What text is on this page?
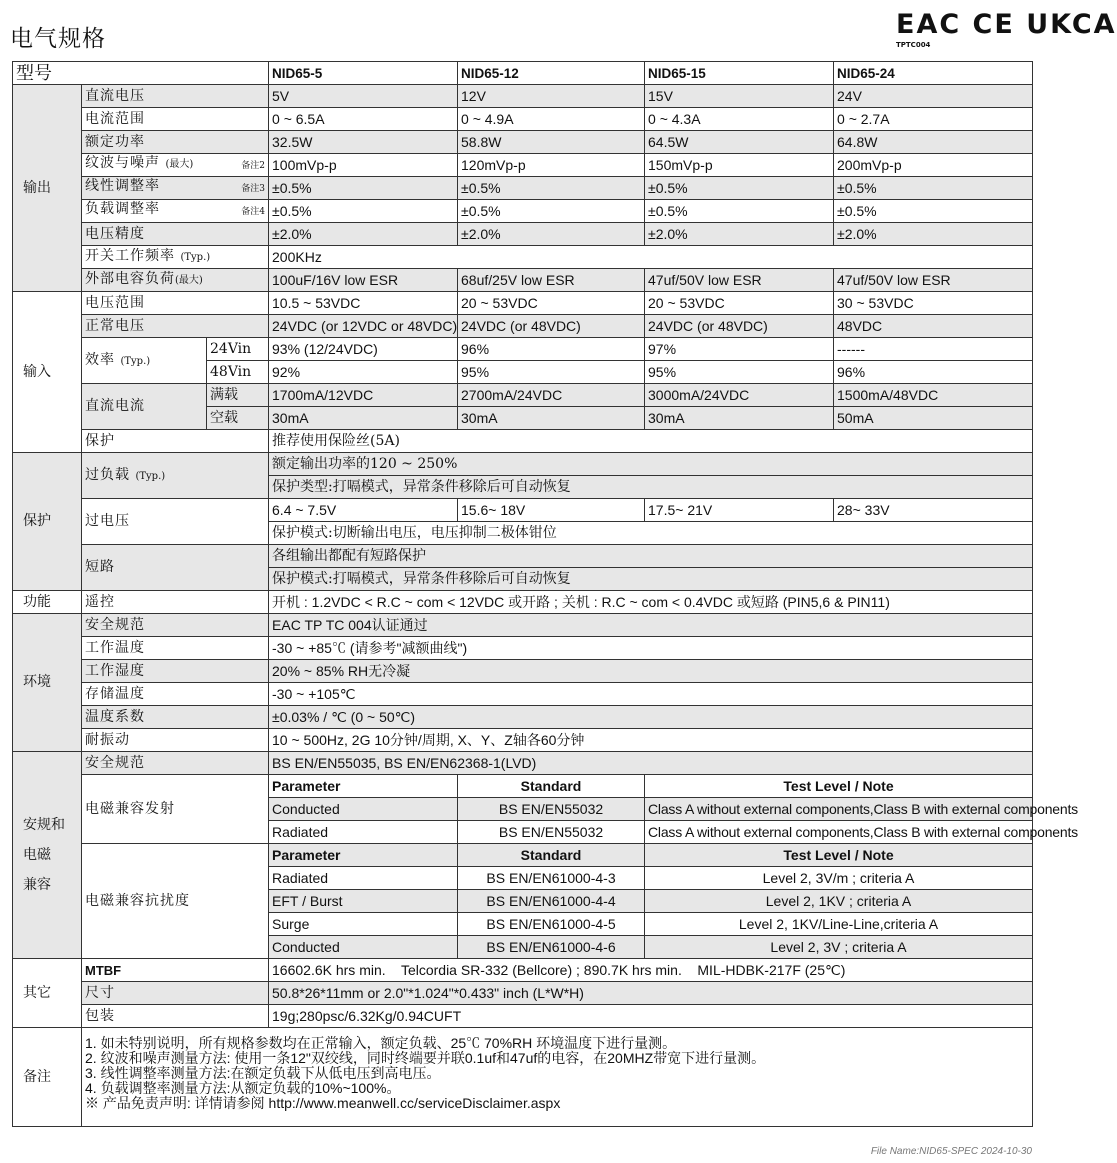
电气规格	EAC CE UKCA
TPTC004
型号			NID65-5	NID65-12	NID65-15	NID65-24
输出	直流电压		5V	12V	15V	24V
	电流范围		0 ~ 6.5A	0 ~ 4.9A	0 ~ 4.3A	0 ~ 2.7A
	额定功率		32.5W	58.8W	64.5W	64.8W
	纹波与噪声 (最大) 备注2		100mVp-p	120mVp-p	150mVp-p	200mVp-p
	线性调整率 备注3		±0.5%	±0.5%	±0.5%	±0.5%
	负载调整率 备注4		±0.5%	±0.5%	±0.5%	±0.5%
	电压精度		±2.0%	±2.0%	±2.0%	±2.0%
	开关工作频率 (Typ.)		200KHz			
	外部电容负荷(最大)		100uF/16V low ESR	68uf/25V low ESR	47uf/50V low ESR	47uf/50V low ESR
输入	电压范围		10.5 ~ 53VDC	20 ~ 53VDC	20 ~ 53VDC	30 ~ 53VDC
	正常电压		24VDC (or 12VDC or 48VDC)	24VDC (or 48VDC)	24VDC (or 48VDC)	48VDC
	效率 (Typ.)	24Vin	93% (12/24VDC)	96%	97%	------
		48Vin	92%	95%	95%	96%
	直流电流	满载	1700mA/12VDC	2700mA/24VDC	3000mA/24VDC	1500mA/48VDC
		空载	30mA	30mA	30mA	50mA
	保护		推荐使用保险丝(5A)			
保护	过负载 (Typ.)		额定输出功率的120 ~ 250%			
			保护类型:打嗝模式，异常条件移除后可自动恢复			
	过电压		6.4 ~ 7.5V	15.6~ 18V	17.5~ 21V	28~ 33V
			保护模式:切断输出电压，电压抑制二极体钳位			
	短路		各组输出都配有短路保护			
			保护模式:打嗝模式，异常条件移除后可自动恢复			
功能	遥控		开机 : 1.2VDC < R.C ~ com < 12VDC 或开路 ; 关机 : R.C ~ com < 0.4VDC 或短路 (PIN5,6 & PIN11)			
环境	安全规范		EAC TP TC 004认证通过			
	工作温度		-30 ~ +85℃ (请参考"减额曲线")			
	工作湿度		20% ~ 85% RH无冷凝			
	存储温度		-30 ~ +105℃			
	温度系数		±0.03% / ℃ (0 ~ 50℃)			
	耐振动		10 ~ 500Hz, 2G 10分钟/周期, X、Y、Z轴各60分钟			
安规和
电磁
兼容	安全规范		BS EN/EN55035, BS EN/EN62368-1(LVD)			
	电磁兼容发射		Parameter	Standard	Test Level / Note	
			Conducted	BS EN/EN55032	Class A without external components,Class B with external components	
			Radiated	BS EN/EN55032	Class A without external components,Class B with external components	
	电磁兼容抗扰度		Parameter	Standard	Test Level / Note	
			Radiated	BS EN/EN61000-4-3	Level 2, 3V/m ; criteria A	
			EFT / Burst	BS EN/EN61000-4-4	Level 2, 1KV ; criteria A	
			Surge	BS EN/EN61000-4-5	Level 2, 1KV/Line-Line,criteria A	
			Conducted	BS EN/EN61000-4-6	Level 2, 3V ; criteria A	
其它	MTBF		16602.6K hrs min.    Telcordia SR-332 (Bellcore) ; 890.7K hrs min.    MIL-HDBK-217F (25℃)			
	尺寸		50.8*26*11mm or 2.0"*1.024"*0.433" inch (L*W*H)			
	包装		19g;280psc/6.32Kg/0.94CUFT			
备注	1. 如未特别说明，所有规格参数均在正常输入，额定负载、25℃ 70%RH 环境温度下进行量测。
2. 纹波和噪声测量方法: 使用一条12"双绞线，同时终端要并联0.1uf和47uf的电容，在20MHZ带宽下进行量测。
3. 线性调整率测量方法:在额定负载下从低电压到高电压。
4. 负载调整率测量方法:从额定负载的10%~100%。
※ 产品免责声明: 详情请参阅 http://www.meanwell.cc/serviceDisclaimer.aspx					
File Name:NID65-SPEC 2024-10-30
